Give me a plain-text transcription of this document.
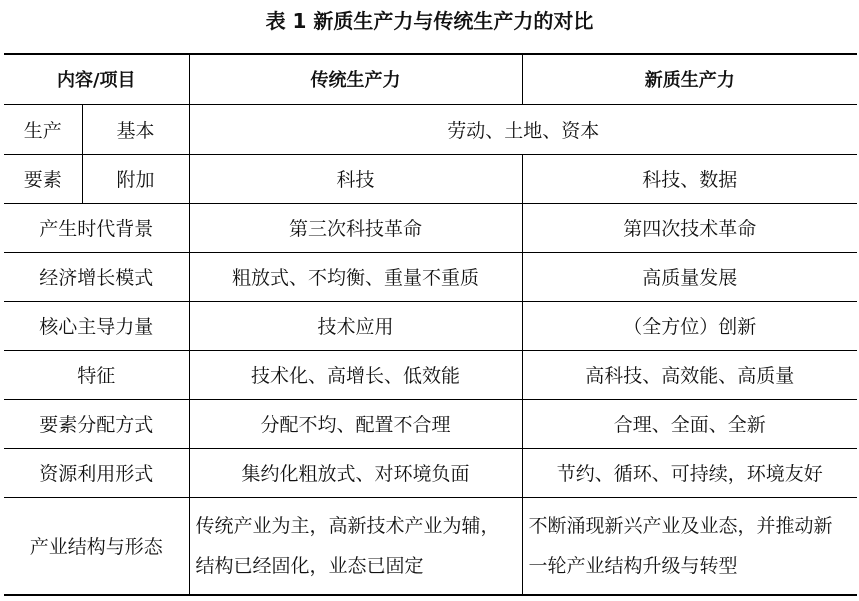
表 1 新质生产力与传统生产力的对比
内容/项目		传统生产力	新质生产力
生产	基本	劳动、土地、资本	
要素	附加	科技	科技、数据
产生时代背景		第三次科技革命	第四次技术革命
经济增长模式		粗放式、不均衡、重量不重质	高质量发展
核心主导力量		技术应用	（全方位）创新
特征		技术化、高增长、低效能	高科技、高效能、高质量
要素分配方式		分配不均、配置不合理	合理、全面、全新
资源利用形式		集约化粗放式、对环境负面	节约、循环、可持续，环境友好
产业结构与形态		传统产业为主，高新技术产业为辅，结构已经固化，业态已固定	不断涌现新兴产业及业态，并推动新一轮产业结构升级与转型
